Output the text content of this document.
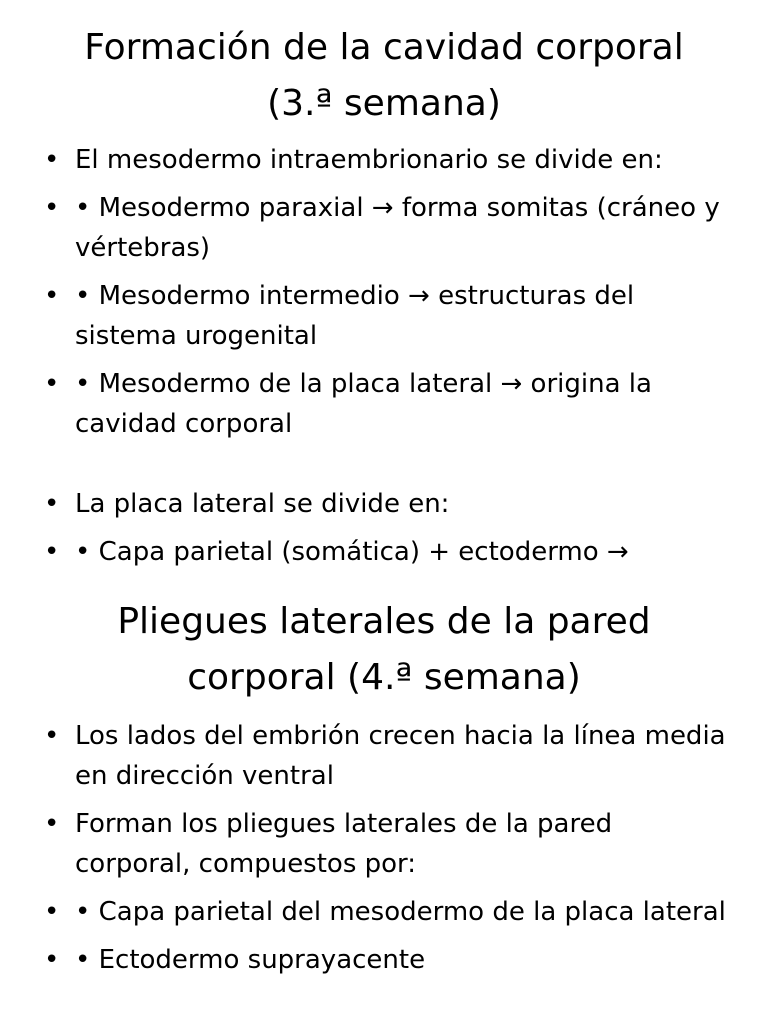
Formación de la cavidad corporal
(3.ª semana)
• El mesodermo intraembrionario se divide en:
• • Mesodermo paraxial → forma somitas (cráneo y vértebras)
• • Mesodermo intermedio → estructuras del sistema urogenital
• • Mesodermo de la placa lateral → origina la cavidad corporal
• La placa lateral se divide en:
• • Capa parietal (somática) + ectodermo →
Pliegues laterales de la pared
corporal (4.ª semana)
• Los lados del embrión crecen hacia la línea media en dirección ventral
• Forman los pliegues laterales de la pared corporal, compuestos por:
• • Capa parietal del mesodermo de la placa lateral
• • Ectodermo suprayacente
